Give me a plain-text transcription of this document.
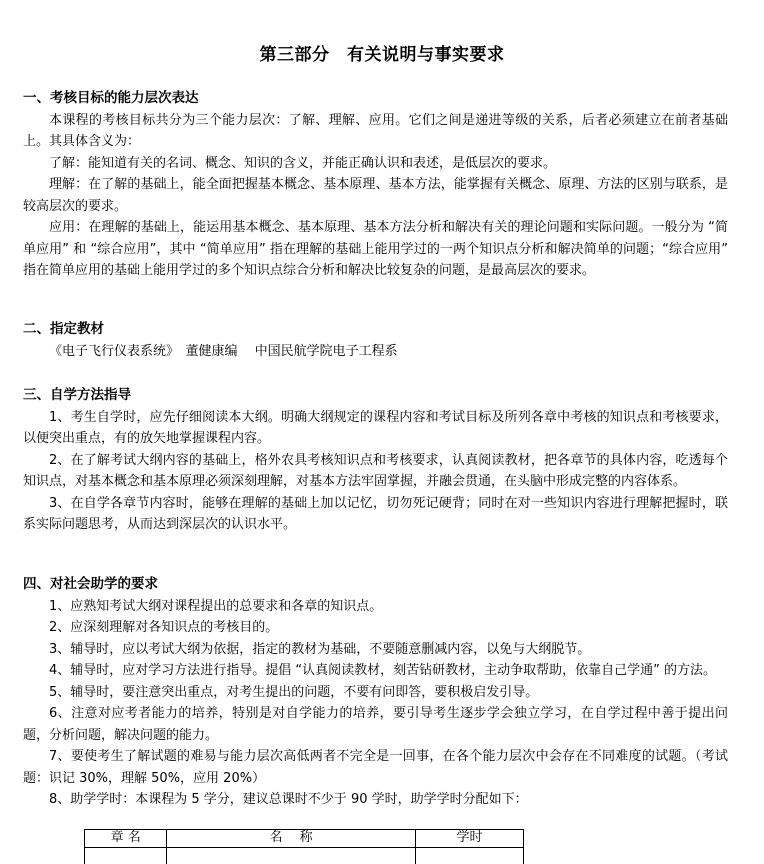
第三部分　有关说明与事实要求
一、考核目标的能力层次表达

本课程的考核目标共分为三个能力层次：了解、理解、应用。它们之间是递进等级的关系，后者必须建立在前者基础上。其具体含义为：

了解：能知道有关的名词、概念、知识的含义，并能正确认识和表述，是低层次的要求。

理解：在了解的基础上，能全面把握基本概念、基本原理、基本方法，能掌握有关概念、原理、方法的区别与联系，是较高层次的要求。

应用：在理解的基础上，能运用基本概念、基本原理、基本方法分析和解决有关的理论问题和实际问题。一般分为 “简单应用” 和 “综合应用”，其中 “简单应用” 指在理解的基础上能用学过的一两个知识点分析和解决简单的问题；“综合应用” 指在简单应用的基础上能用学过的多个知识点综合分析和解决比较复杂的问题，是最高层次的要求。

二、指定教材

《电子飞行仪表系统》　董健康编　 中国民航学院电子工程系

三、自学方法指导

1、考生自学时，应先仔细阅读本大纲。明确大纲规定的课程内容和考试目标及所列各章中考核的知识点和考核要求，以便突出重点，有的放矢地掌握课程内容。

2、在了解考试大纲内容的基础上，格外农具考核知识点和考核要求，认真阅读教材，把各章节的具体内容，吃透每个知识点，对基本概念和基本原理必须深刻理解，对基本方法牢固掌握，并融会贯通，在头脑中形成完整的内容体系。

3、在自学各章节内容时，能够在理解的基础上加以记忆，切勿死记硬背；同时在对一些知识内容进行理解把握时，联系实际问题思考，从而达到深层次的认识水平。

四、对社会助学的要求

1、应熟知考试大纲对课程提出的总要求和各章的知识点。

2、应深刻理解对各知识点的考核目的。

3、辅导时，应以考试大纲为依据，指定的教材为基础，不要随意删减内容，以免与大纲脱节。

4、辅导时，应对学习方法进行指导。提倡 “认真阅读教材，刻苦钻研教材，主动争取帮助，依靠自己学通” 的方法。

5、辅导时，要注意突出重点，对考生提出的问题，不要有问即答，要积极启发引导。

6、注意对应考者能力的培养，特别是对自学能力的培养，要引导考生逐步学会独立学习，在自学过程中善于提出问题，分析问题，解决问题的能力。

7、要使考生了解试题的难易与能力层次高低两者不完全是一回事，在各个能力层次中会存在不同难度的试题。（考试题：识记 30%，理解 50%，应用 20%）

8、助学学时：本课程为 5 学分，建议总课时不少于 90 学时，助学学时分配如下：

章 名	名　 称	学时
